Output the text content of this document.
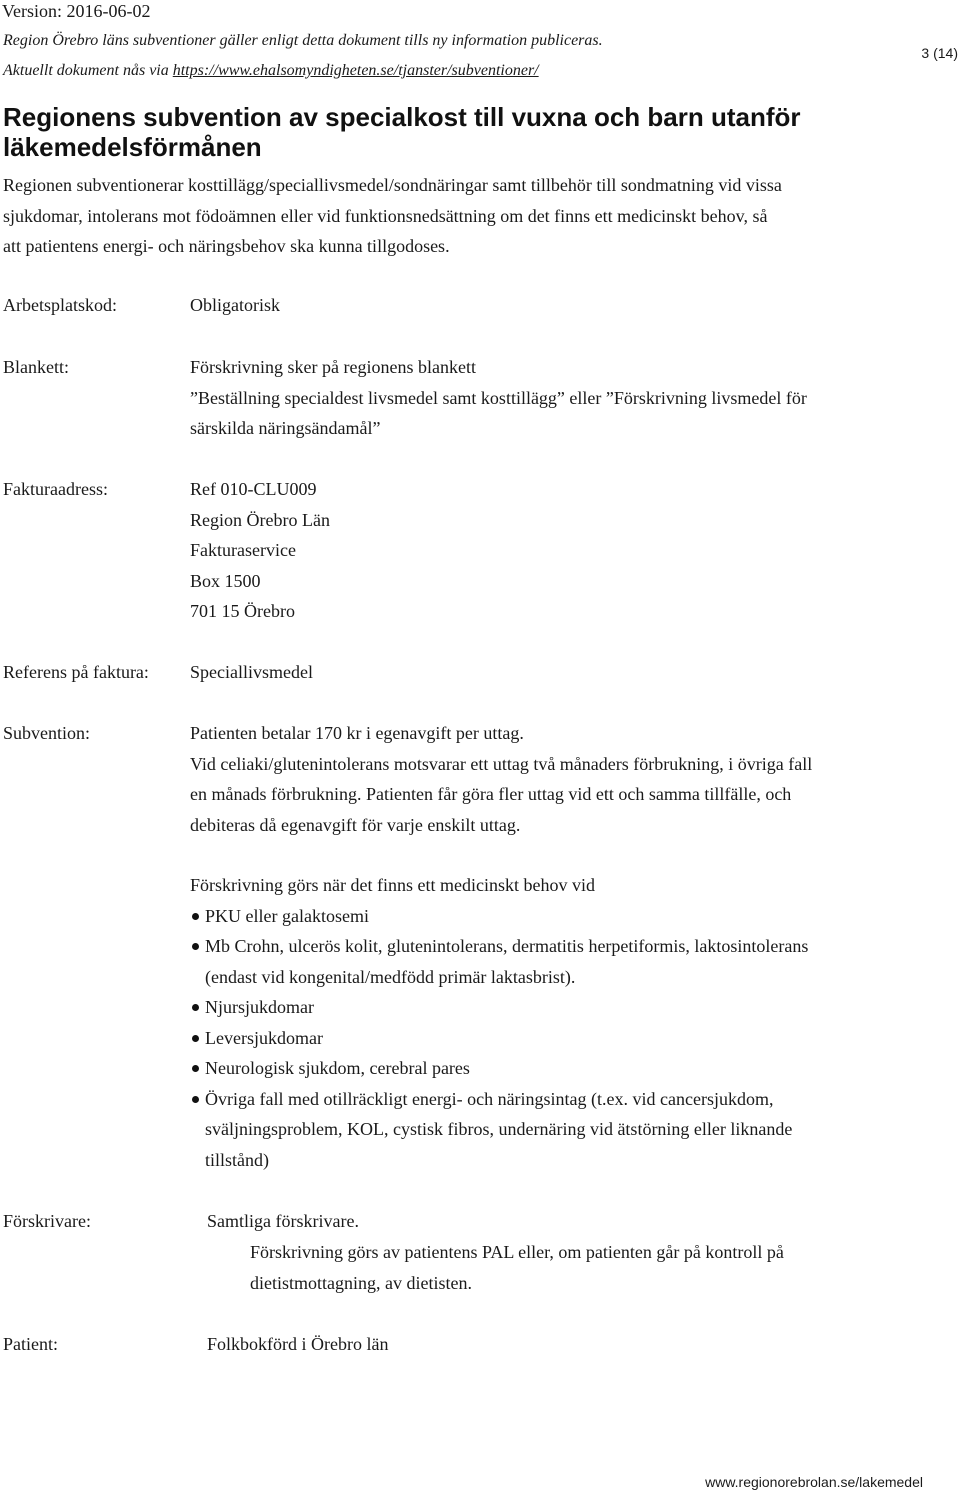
Version: 2016-06-02
Region Örebro läns subventioner gäller enligt detta dokument tills ny information publiceras.
Aktuellt dokument nås via https://www.ehalsomyndigheten.se/tjanster/subventioner/
3 (14)
Regionens subvention av specialkost till vuxna och barn utanför läkemedelsförmånen
Regionen subventionerar kosttillägg/speciallivsmedel/sondnäringar samt tillbehör till sondmatning vid vissa
sjukdomar, intolerans mot födoämnen eller vid funktionsnedsättning om det finns ett medicinskt behov, så
att patientens energi- och näringsbehov ska kunna tillgodoses.
Arbetsplatskod:	Obligatorisk
Blankett:	Förskrivning sker på regionens blankett
”Beställning specialdest livsmedel samt kosttillägg” eller ”Förskrivning livsmedel för
särskilda näringsändamål”
Fakturaadress:	Ref 010-CLU009
Region Örebro Län
Fakturaservice
Box 1500
701 15 Örebro
Referens på faktura: Speciallivsmedel
Subvention:	Patienten betalar 170 kr i egenavgift per uttag.
Vid celiaki/glutenintolerans motsvarar ett uttag två månaders förbrukning, i övriga fall
en månads förbrukning. Patienten får göra fler uttag vid ett och samma tillfälle, och
debiteras då egenavgift för varje enskilt uttag.
Förskrivning görs när det finns ett medicinskt behov vid
PKU eller galaktosemi
Mb Crohn, ulcerös kolit, glutenintolerans, dermatitis herpetiformis, laktosintolerans
(endast vid kongenital/medfödd primär laktasbrist).
Njursjukdomar
Leversjukdomar
Neurologisk sjukdom, cerebral pares
Övriga fall med otillräckligt energi- och näringsintag (t.ex. vid cancersjukdom,
sväljningsproblem, KOL, cystisk fibros, undernäring vid ätstörning eller liknande
tillstånd)
Förskrivare:	Samtliga förskrivare.
Förskrivning görs av patientens PAL eller, om patienten går på kontroll på
dietistmottagning, av dietisten.
Patient:	Folkbokförd i Örebro län
www.regionorebrolan.se/lakemedel
